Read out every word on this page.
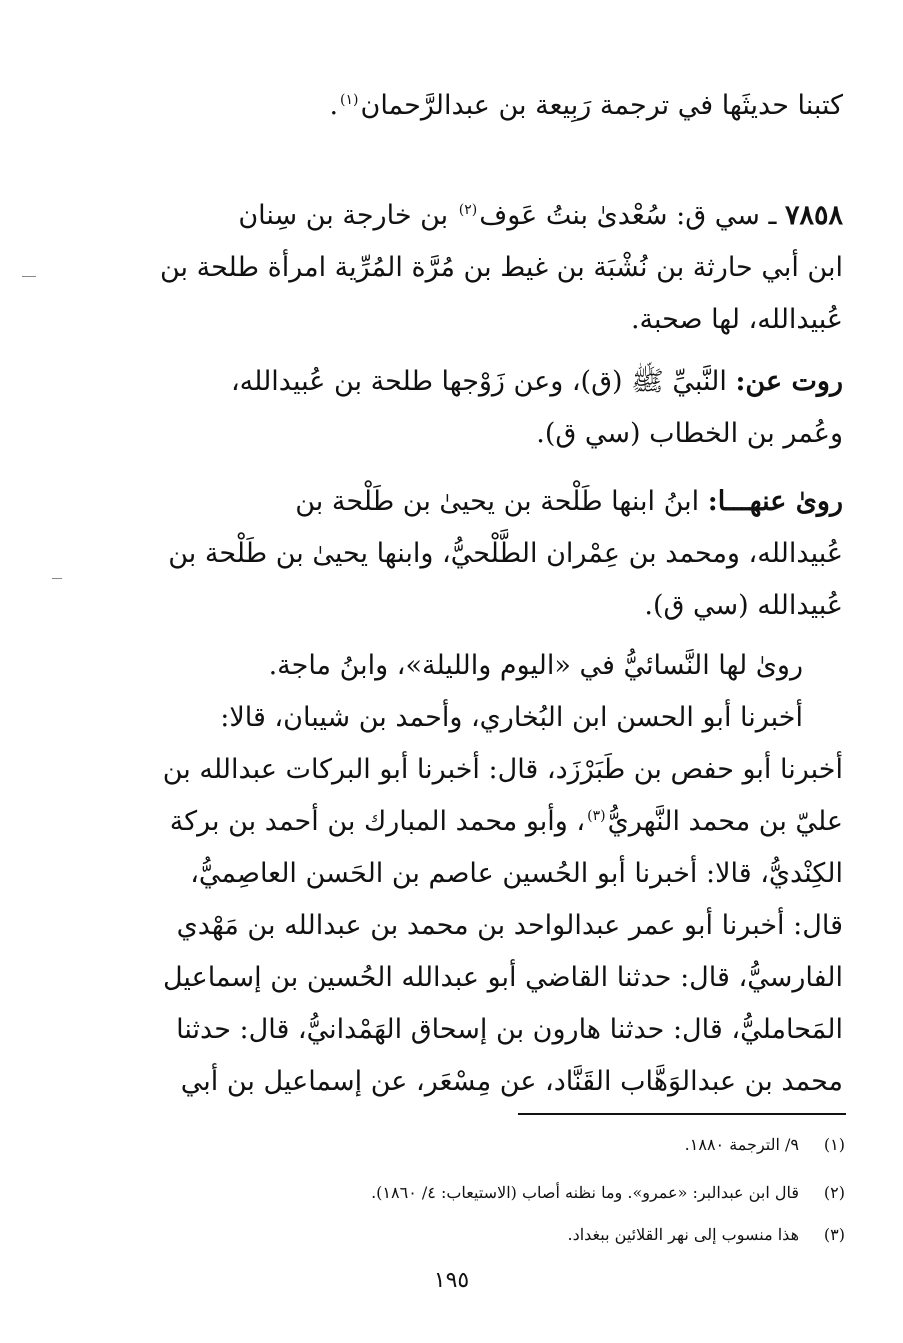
كتبنا حديثَها في ترجمة رَبِيعة بن عبدالرَّحمان$^{(١)}$.
٧٨٥٨ ـ سي ق: سُعْدىٰ بنتُ عَوف$^{(٢)}$ بن خارجة بن سِنان
ابن أبي حارثة بن نُشْبَة بن غيط بن مُرَّة المُرِّية امرأة طلحة بن
عُبيدالله، لها صحبة.
روت عن: النَّبيِّ ﷺ (ق)، وعن زَوْجها طلحة بن عُبيدالله،
وعُمر بن الخطاب (سي ق).
روىٰ عنهـــا: ابنُ ابنها طَلْحة بن يحيىٰ بن طَلْحة بن
عُبيدالله، ومحمد بن عِمْران الطَّلْحيُّ، وابنها يحيىٰ بن طَلْحة بن
عُبيدالله (سي ق).
روىٰ لها النَّسائيُّ في «اليوم والليلة»، وابنُ ماجة.
أخبرنا أبو الحسن ابن البُخاري، وأحمد بن شيبان، قالا:
أخبرنا أبو حفص بن طَبَرْزَد، قال: أخبرنا أبو البركات عبدالله بن
عليّ بن محمد النَّهريُّ$^{(٣)}$، وأبو محمد المبارك بن أحمد بن بركة
الكِنْديُّ، قالا: أخبرنا أبو الحُسين عاصم بن الحَسن العاصِميُّ،
قال: أخبرنا أبو عمر عبدالواحد بن محمد بن عبدالله بن مَهْدي
الفارسيُّ، قال: حدثنا القاضي أبو عبدالله الحُسين بن إسماعيل
المَحامليُّ، قال: حدثنا هارون بن إسحاق الهَمْدانيُّ، قال: حدثنا
محمد بن عبدالوَهَّاب القَنَّاد، عن مِسْعَر، عن إسماعيل بن أبي
(١)٩/ الترجمة ١٨٨٠.
(٢)قال ابن عبدالبر: «عمرو». وما نظنه أصاب (الاستيعاب: ٤/ ١٨٦٠).
(٣)هذا منسوب إلى نهر القلائين ببغداد.
١٩٥
